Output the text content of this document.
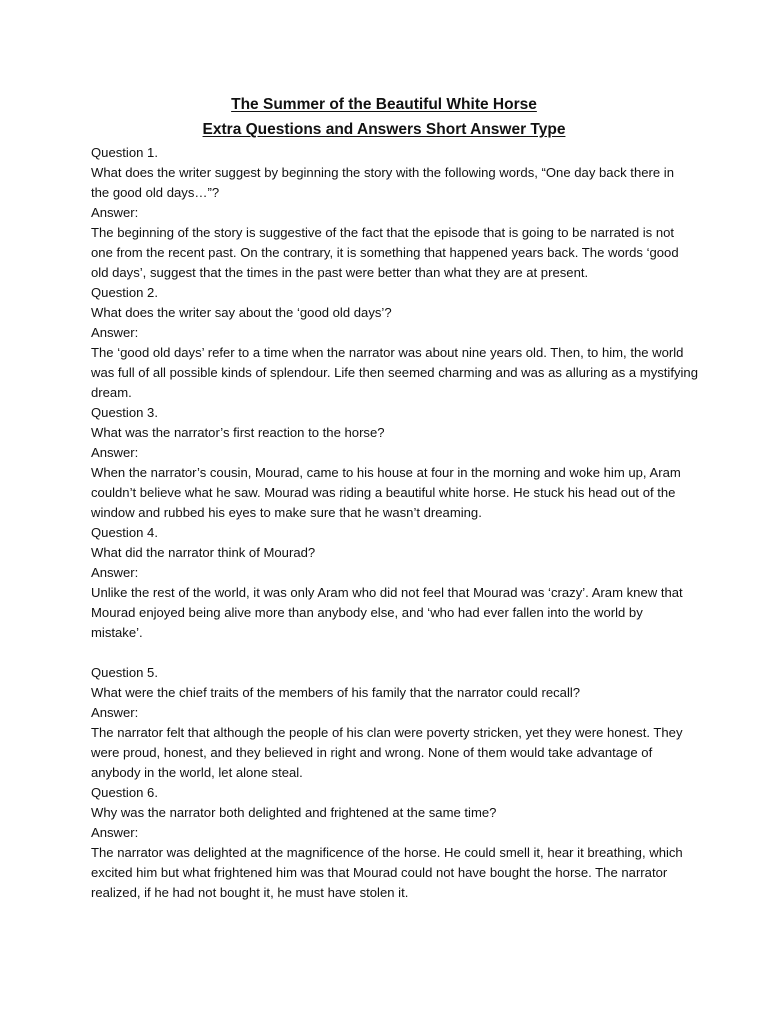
The Summer of the Beautiful White Horse
Extra Questions and Answers Short Answer Type
Question 1.
What does the writer suggest by beginning the story with the following words, “One day back there in
the good old days…”?
Answer:
The beginning of the story is suggestive of the fact that the episode that is going to be narrated is not
one from the recent past. On the contrary, it is something that happened years back. The words ‘good
old days’, suggest that the times in the past were better than what they are at present.
Question 2.
What does the writer say about the ‘good old days’?
Answer:
The ‘good old days’ refer to a time when the narrator was about nine years old. Then, to him, the world
was full of all possible kinds of splendour. Life then seemed charming and was as alluring as a mystifying
dream.
Question 3.
What was the narrator’s first reaction to the horse?
Answer:
When the narrator’s cousin, Mourad, came to his house at four in the morning and woke him up, Aram
couldn’t believe what he saw. Mourad was riding a beautiful white horse. He stuck his head out of the
window and rubbed his eyes to make sure that he wasn’t dreaming.
Question 4.
What did the narrator think of Mourad?
Answer:
Unlike the rest of the world, it was only Aram who did not feel that Mourad was ‘crazy’. Aram knew that
Mourad enjoyed being alive more than anybody else, and ‘who had ever fallen into the world by
mistake’.
Question 5.
What were the chief traits of the members of his family that the narrator could recall?
Answer:
The narrator felt that although the people of his clan were poverty stricken, yet they were honest. They
were proud, honest, and they believed in right and wrong. None of them would take advantage of
anybody in the world, let alone steal.
Question 6.
Why was the narrator both delighted and frightened at the same time?
Answer:
The narrator was delighted at the magnificence of the horse. He could smell it, hear it breathing, which
excited him but what frightened him was that Mourad could not have bought the horse. The narrator
realized, if he had not bought it, he must have stolen it.
